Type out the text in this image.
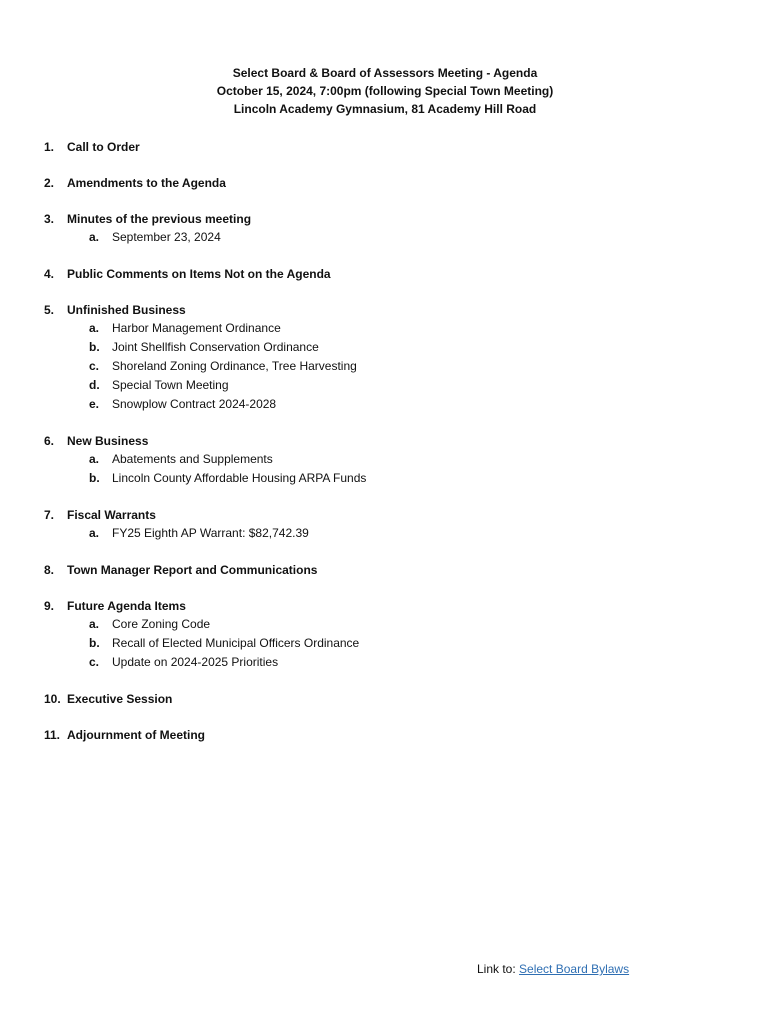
Select Board & Board of Assessors Meeting - Agenda
October 15, 2024, 7:00pm (following Special Town Meeting)
Lincoln Academy Gymnasium, 81 Academy Hill Road
1. Call to Order
2. Amendments to the Agenda
3. Minutes of the previous meeting
a. September 23, 2024
4. Public Comments on Items Not on the Agenda
5. Unfinished Business
a. Harbor Management Ordinance
b. Joint Shellfish Conservation Ordinance
c. Shoreland Zoning Ordinance, Tree Harvesting
d. Special Town Meeting
e. Snowplow Contract 2024-2028
6. New Business
a. Abatements and Supplements
b. Lincoln County Affordable Housing ARPA Funds
7. Fiscal Warrants
a. FY25 Eighth AP Warrant: $82,742.39
8. Town Manager Report and Communications
9. Future Agenda Items
a. Core Zoning Code
b. Recall of Elected Municipal Officers Ordinance
c. Update on 2024-2025 Priorities
10. Executive Session
11. Adjournment of Meeting
Link to: Select Board Bylaws
